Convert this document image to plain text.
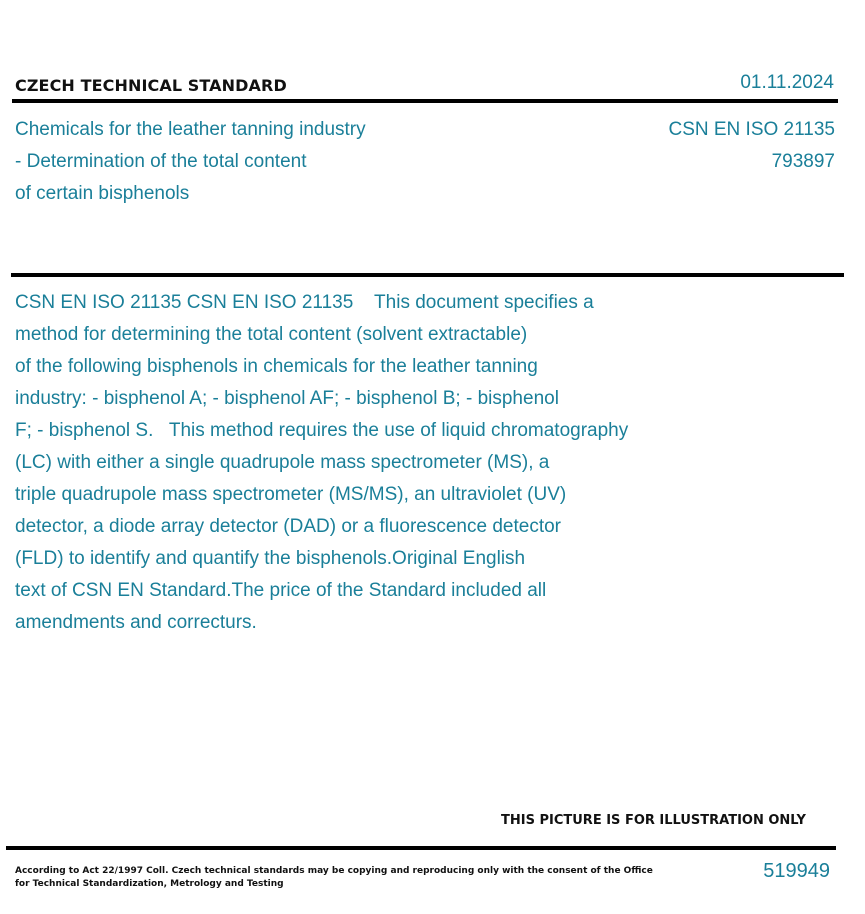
CZECH TECHNICAL STANDARD	01.11.2024
Chemicals for the leather tanning industry
- Determination of the total content
of certain bisphenols
CSN EN ISO 21135
793897
CSN EN ISO 21135 CSN EN ISO 21135    This document specifies a
method for determining the total content (solvent extractable)
of the following bisphenols in chemicals for the leather tanning
industry: - bisphenol A; - bisphenol AF; - bisphenol B; - bisphenol
F; - bisphenol S.   This method requires the use of liquid chromatography
(LC) with either a single quadrupole mass spectrometer (MS), a
triple quadrupole mass spectrometer (MS/MS), an ultraviolet (UV)
detector, a diode array detector (DAD) or a fluorescence detector
(FLD) to identify and quantify the bisphenols.Original English
text of CSN EN Standard.The price of the Standard included all
amendments and correcturs.
THIS PICTURE IS FOR ILLUSTRATION ONLY
According to Act 22/1997 Coll. Czech technical standards may be copying and reproducing only with the consent of the Office
for Technical Standardization, Metrology and Testing
519949
